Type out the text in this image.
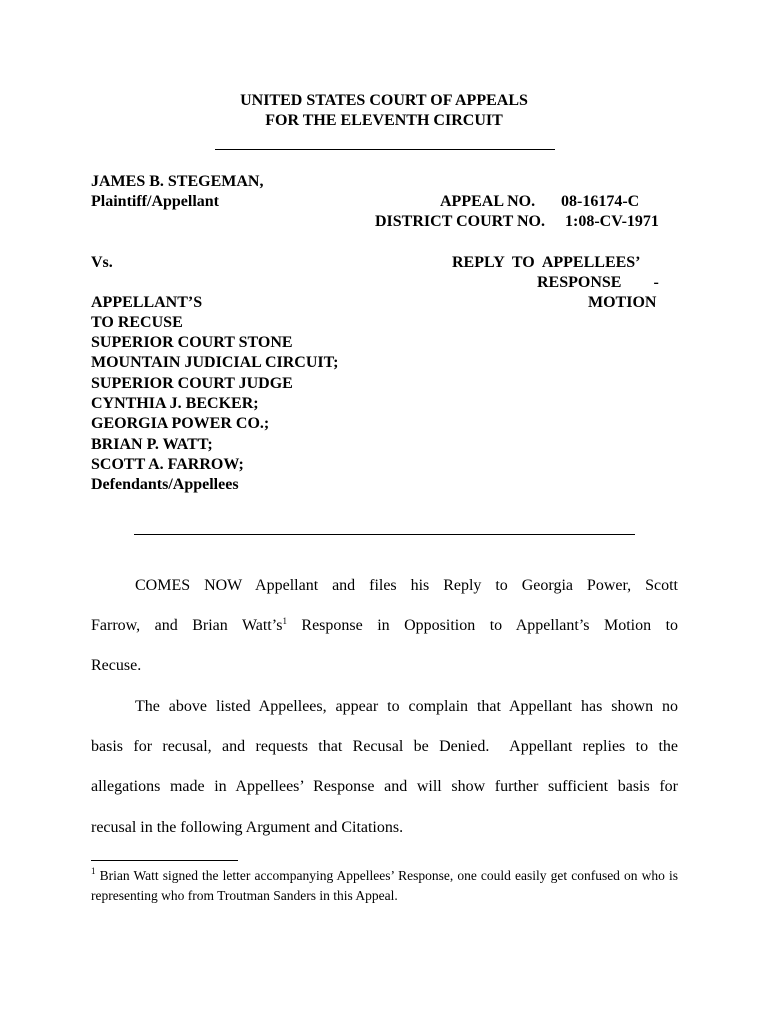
UNITED STATES COURT OF APPEALS
FOR THE ELEVENTH CIRCUIT
JAMES B. STEGEMAN,
Plaintiff/Appellant	APPEAL NO. 08-16174-C
DISTRICT COURT NO. 1:08-CV-1971
Vs.	REPLY  TO  APPELLEES’
RESPONSE        -
APPELLANT’S	MOTION
TO RECUSE
SUPERIOR COURT STONE
MOUNTAIN JUDICIAL CIRCUIT;
SUPERIOR COURT JUDGE
CYNTHIA J. BECKER;
GEORGIA POWER CO.;
BRIAN P. WATT;
SCOTT A. FARROW;
Defendants/Appellees
COMES NOW Appellant and files his Reply to Georgia Power, Scott
Farrow, and Brian $Watt’s^1$ Response in Opposition to Appellant’s Motion to
Recuse.
The above listed Appellees, appear to complain that Appellant has shown no
basis for recusal, and requests that Recusal be Denied.  Appellant replies to the
allegations made in Appellees’ Response and will show further sufficient basis for
recusal in the following Argument and Citations.
$^1$ Brian Watt signed the letter accompanying Appellees’ Response, one could easily get confused on who is representing who from Troutman Sanders in this Appeal.
